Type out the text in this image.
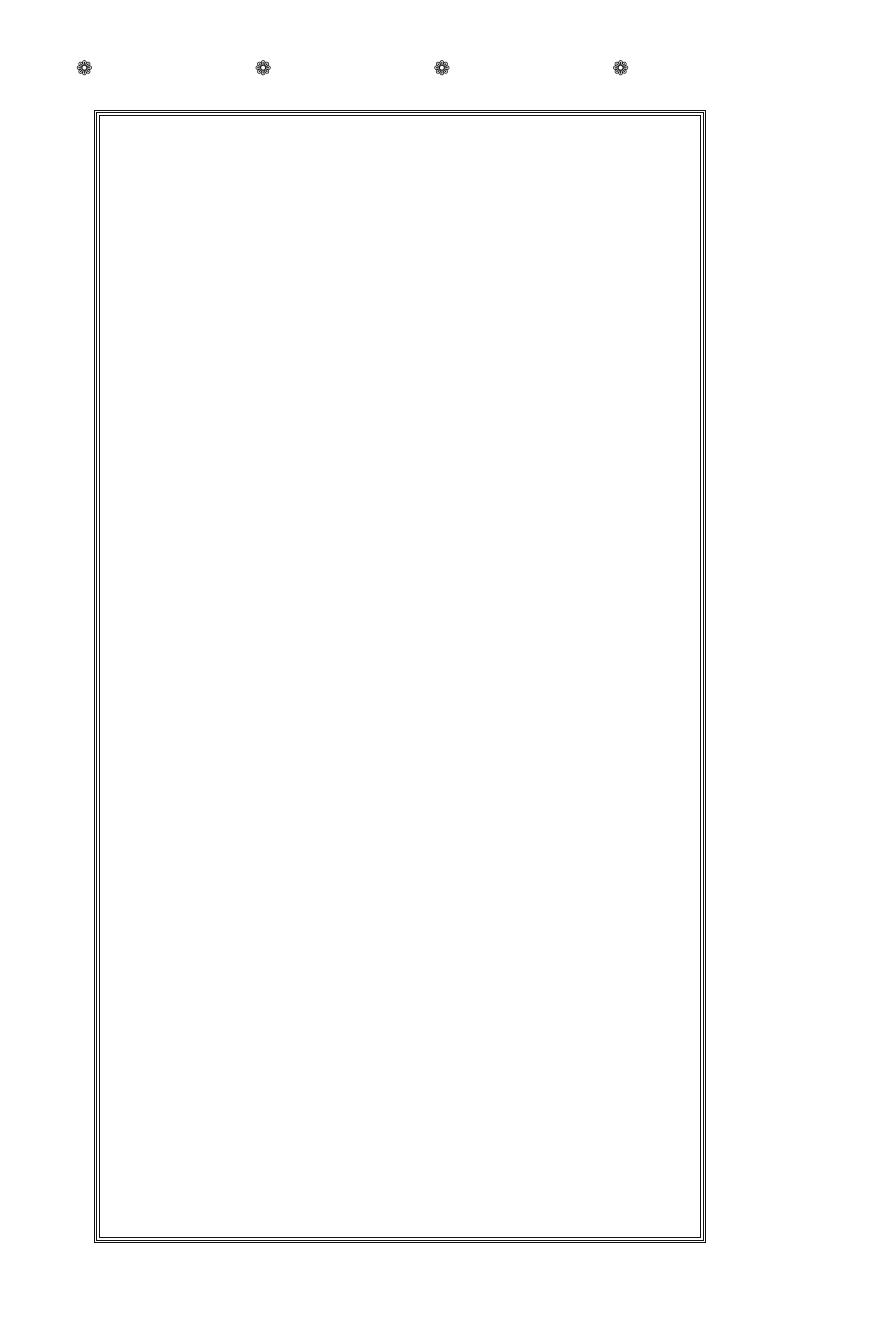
❁
❁
❁
❁
